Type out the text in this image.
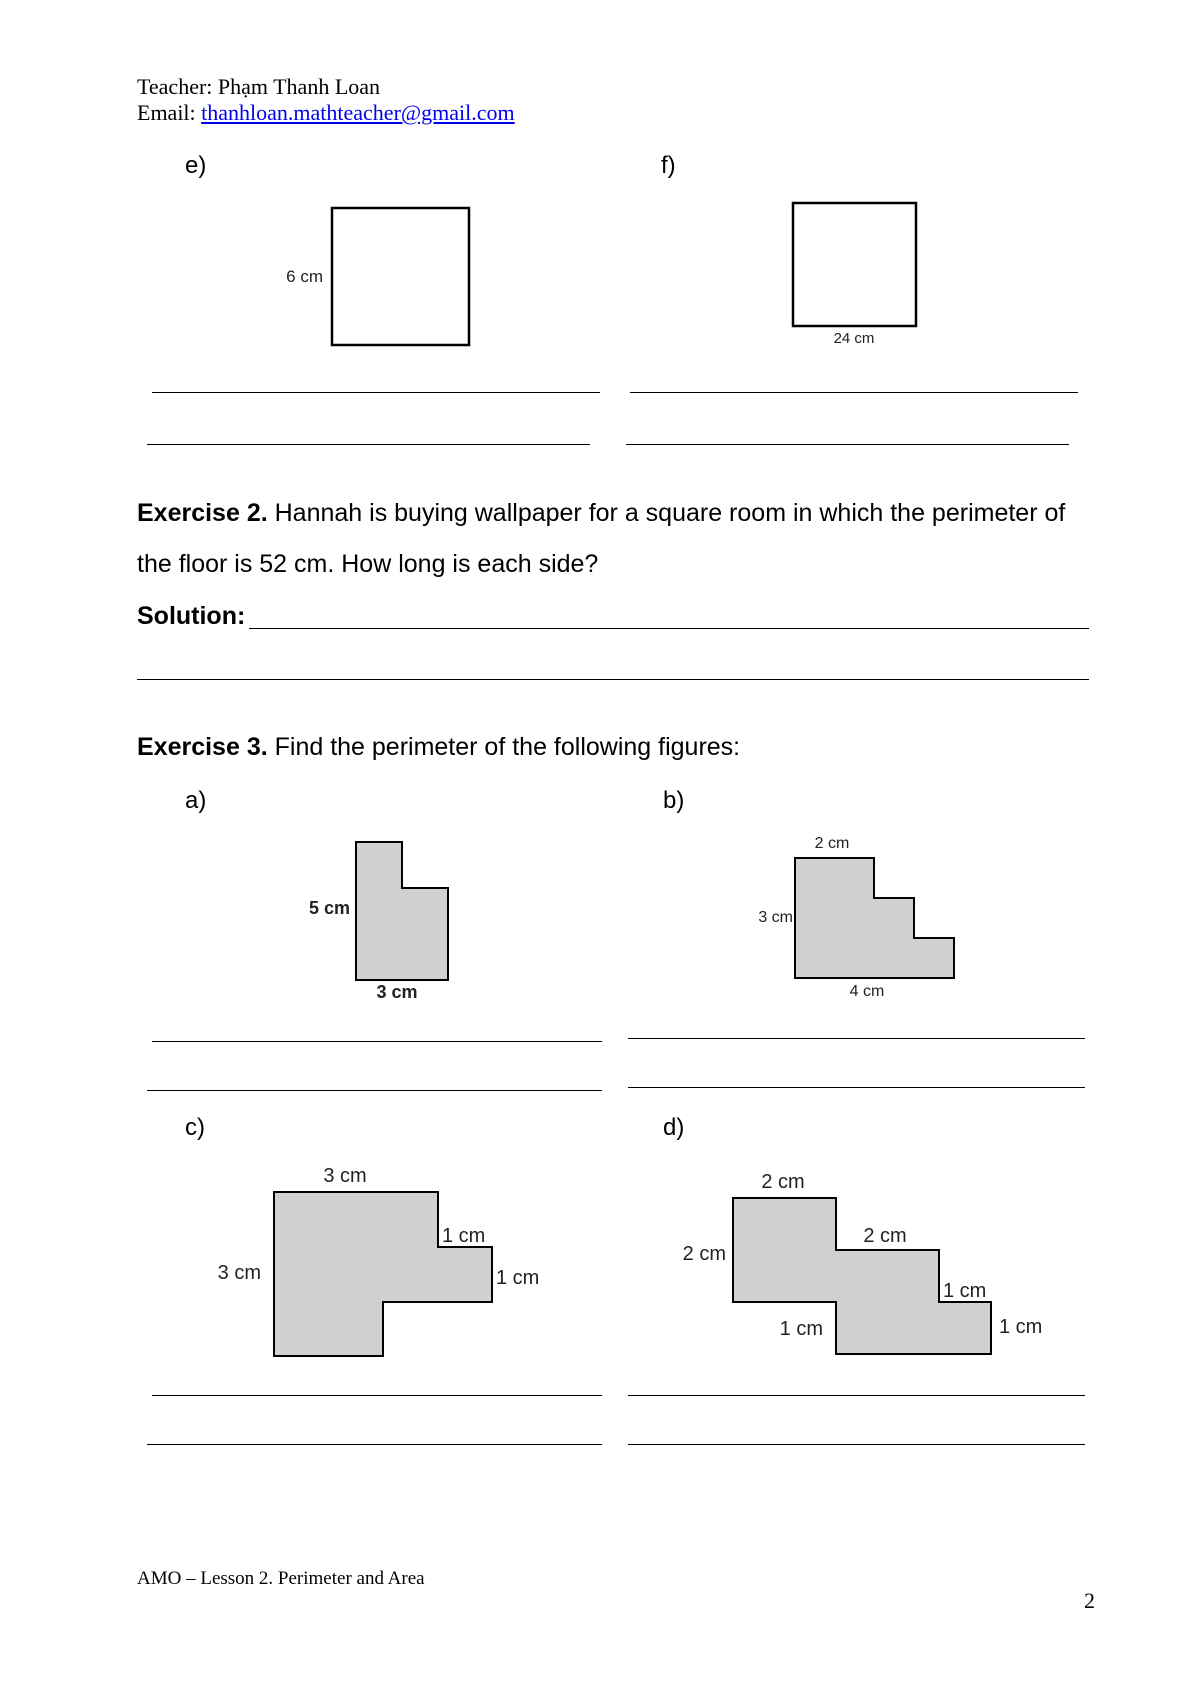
Teacher: Phạm Thanh Loan
Email: thanhloan.mathteacher@gmail.com
e)	f)
6 cm
24 cm
Exercise 2. Hannah is buying wallpaper for a square room in which the perimeter of
the floor is 52 cm. How long is each side?
Solution:
Exercise 3. Find the perimeter of the following figures:
a)	b)
5 cm
3 cm
2 cm
3 cm
4 cm
c)	d)
3 cm
3 cm
1 cm
1 cm
2 cm
2 cm
2 cm
1 cm
1 cm
1 cm
AMO – Lesson 2. Perimeter and Area
2
